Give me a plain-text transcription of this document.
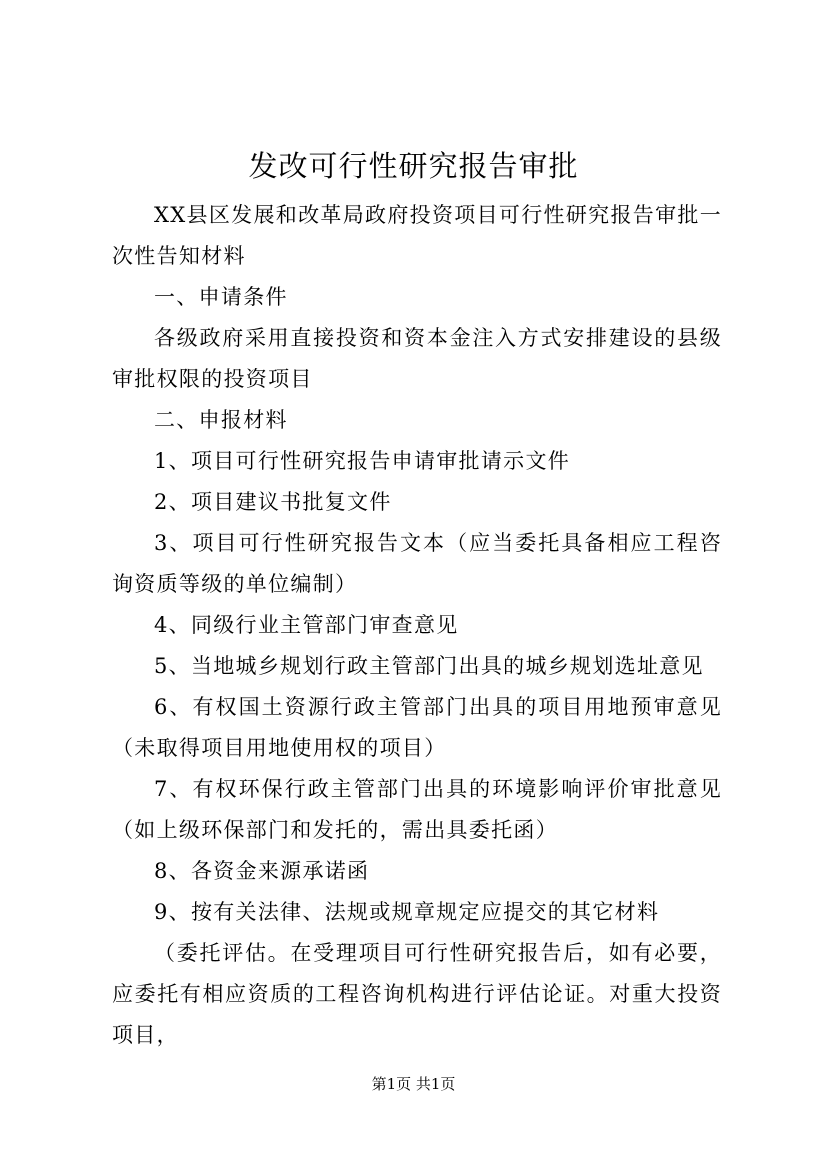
发改可行性研究报告审批

XX县区发展和改革局政府投资项目可行性研究报告审批一次性告知材料

一、申请条件

各级政府采用直接投资和资本金注入方式安排建设的县级审批权限的投资项目

二、申报材料

1、项目可行性研究报告申请审批请示文件

2、项目建议书批复文件

3、项目可行性研究报告文本（应当委托具备相应工程咨询资质等级的单位编制）

4、同级行业主管部门审查意见

5、当地城乡规划行政主管部门出具的城乡规划选址意见

6、有权国土资源行政主管部门出具的项目用地预审意见（未取得项目用地使用权的项目）

7、有权环保行政主管部门出具的环境影响评价审批意见（如上级环保部门和发托的，需出具委托函）

8、各资金来源承诺函

9、按有关法律、法规或规章规定应提交的其它材料

（委托评估。在受理项目可行性研究报告后，如有必要，应委托有相应资质的工程咨询机构进行评估论证。对重大投资项目，

第1页 共1页
